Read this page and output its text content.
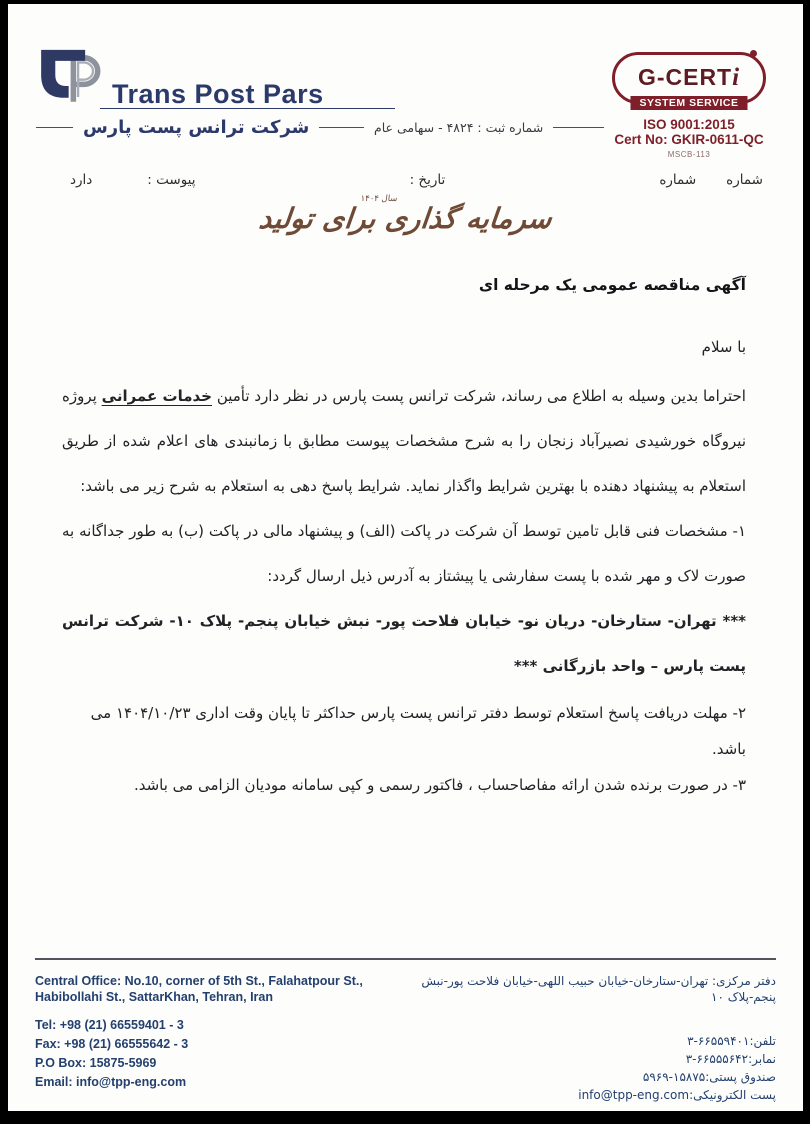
Trans Post Pars
شماره ثبت : ۴۸۲۴ - سهامی عام
شرکت ترانس پست پارس
G-CERTi
SYSTEM SERVICE
ISO 9001:2015
Cert No: GKIR-0611-QC
MSCB-113
شمارهشماره
تاریخ :
پیوست :دارد
سرمایه گذاری برای تولید
سال ۱۴۰۴
آگهی مناقصه عمومی یک مرحله ای

با سلام

احتراما بدین وسیله به اطلاع می رساند، شرکت ترانس پست پارس در نظر دارد تأمین خدمات عمرانی پروژه نیروگاه خورشیدی نصیرآباد زنجان را به شرح مشخصات پیوست مطابق با زمانبندی های اعلام شده از طریق استعلام به پیشنهاد دهنده با بهترین شرایط واگذار نماید. شرایط پاسخ دهی به استعلام به شرح زیر می باشد:

۱- مشخصات فنی قابل تامین توسط آن شرکت در پاکت (الف) و پیشنهاد مالی در پاکت (ب) به طور جداگانه به صورت لاک و مهر شده با پست سفارشی یا پیشتاز به آدرس ذیل ارسال گردد:

*** تهران- ستارخان- دریان نو- خیابان فلاحت پور- نبش خیابان پنجم- پلاک ۱۰- شرکت ترانس پست پارس – واحد بازرگانی ***

۲- مهلت دریافت پاسخ استعلام توسط دفتر ترانس پست پارس حداکثر تا پایان وقت اداری ۱۴۰۴/۱۰/۲۳ می باشد.

۳- در صورت برنده شدن ارائه مفاصاحساب ، فاکتور رسمی و کپی سامانه مودیان الزامی می باشد.

Central Office: No.10, corner of 5th St., Falahatpour St.,
Habibollahi St., SattarKhan, Tehran, Iran
Tel: +98 (21) 66559401 - 3
Fax: +98 (21) 66555642 - 3
P.O Box: 15875-5969
Email: info@tpp-eng.com
دفتر مرکزی: تهران-ستارخان-خیابان حبیب اللهی-خیابان فلاحت پور-نبش پنجم-پلاک ۱۰
تلفن:۶۶۵۵۹۴۰۱-۳
نمابر:۶۶۵۵۵۶۴۲-۳
صندوق پستی:۱۵۸۷۵-۵۹۶۹
پست الکترونیکی:info@tpp-eng.com
